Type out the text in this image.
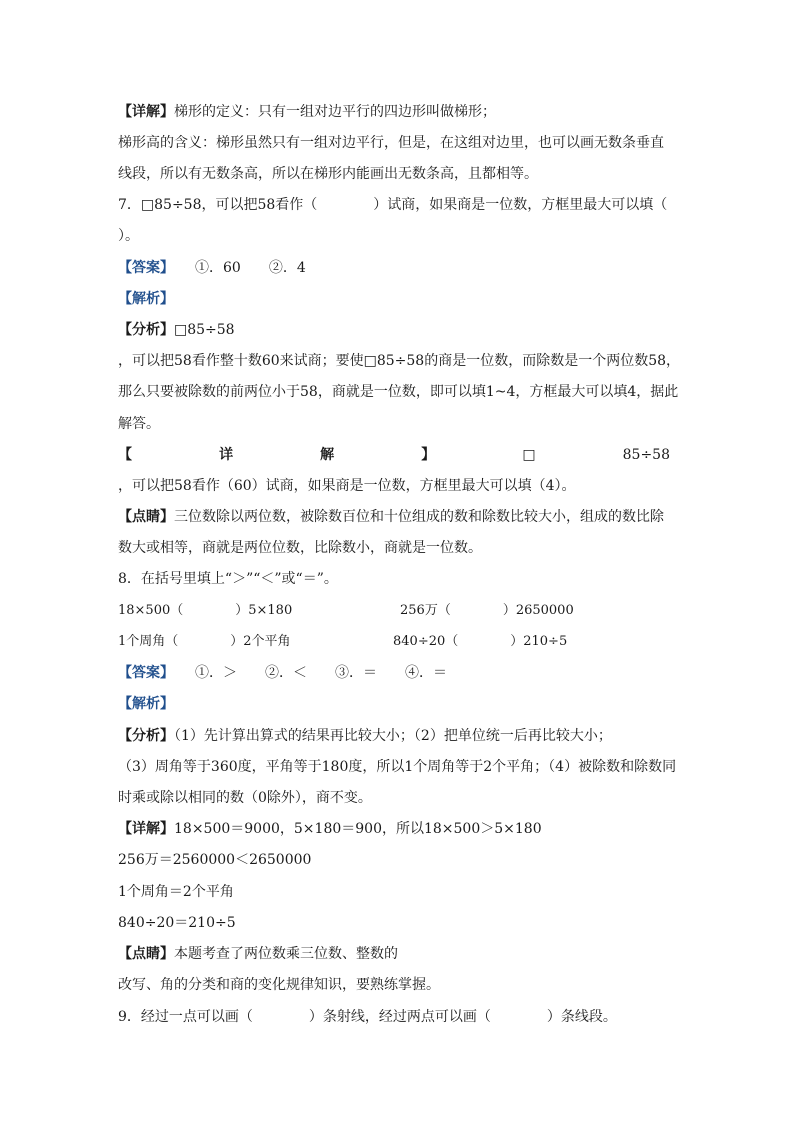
【详解】梯形的定义：只有一组对边平行的四边形叫做梯形；
梯形高的含义：梯形虽然只有一组对边平行，但是，在这组对边里，也可以画无数条垂直
线段，所以有无数条高，所以在梯形内能画出无数条高，且都相等。
7．□85÷58，可以把58看作（　　　　）试商，如果商是一位数，方框里最大可以填（
）。
【答案】　　 ①．60　　②．4
【解析】
【分析】□85÷58
，可以把58看作整十数60来试商；要使□85÷58的商是一位数，而除数是一个两位数58，
那么只要被除数的前两位小于58，商就是一位数，即可以填1~4，方框最大可以填4，据此
解答。
【	详	解	】	□	85÷58
，可以把58看作（60）试商，如果商是一位数，方框里最大可以填（4）。
【点睛】三位数除以两位数，被除数百位和十位组成的数和除数比较大小，组成的数比除
数大或相等，商就是两位位数，比除数小，商就是一位数。
8．在括号里填上“＞”“＜”或“＝”。
18×500（　　　　）5×180	256万（　　　　）2650000
1个周角（　　　　）2个平角	840÷20（　　　　）210÷5
【答案】　　 ①．＞　　②．＜　　③．＝　　④．＝
【解析】
【分析】（1）先计算出算式的结果再比较大小；（2）把单位统一后再比较大小；
（3）周角等于360度，平角等于180度，所以1个周角等于2个平角；（4）被除数和除数同
时乘或除以相同的数（0除外），商不变。
【详解】18×500＝9000，5×180＝900，所以18×500＞5×180
256万＝2560000＜2650000
1个周角＝2个平角
840÷20＝210÷5
【点睛】本题考查了两位数乘三位数、整数的
改写、角的分类和商的变化规律知识，要熟练掌握。
9．经过一点可以画（　　　　）条射线，经过两点可以画（　　　　）条线段。
